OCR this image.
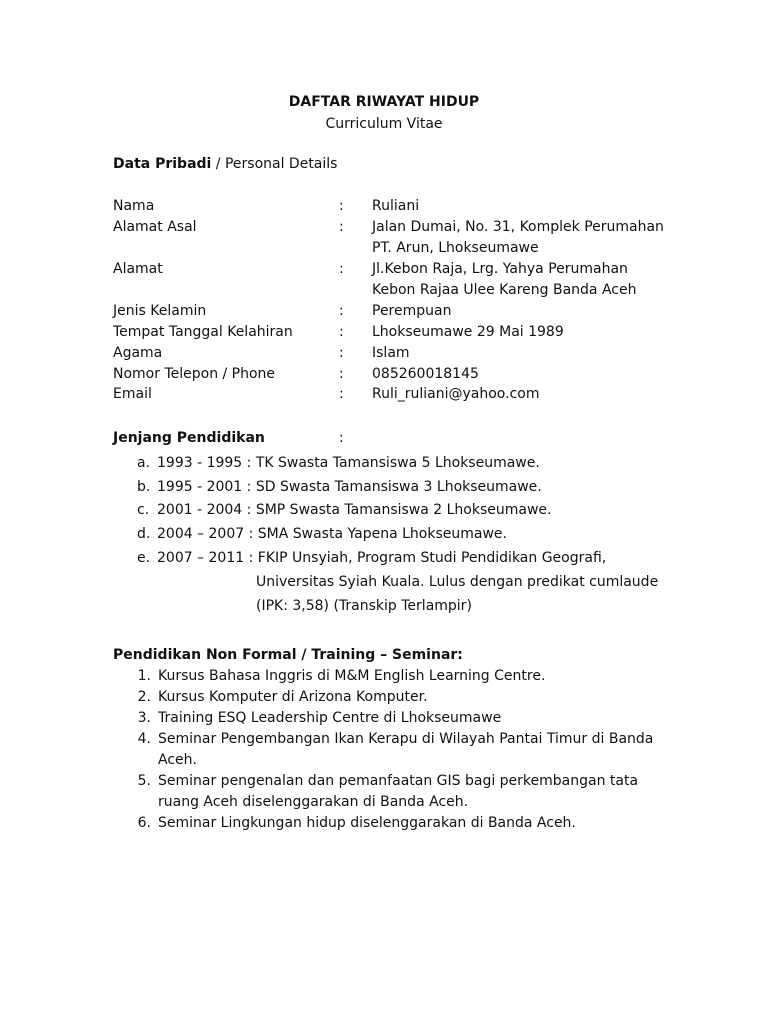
DAFTAR RIWAYAT HIDUP
Curriculum Vitae
Data Pribadi / Personal Details
Nama	: Ruliani
Alamat Asal	: Jalan Dumai, No. 31, Komplek Perumahan
PT. Arun, Lhokseumawe
Alamat	: Jl.Kebon Raja, Lrg. Yahya Perumahan
Kebon Rajaa Ulee Kareng Banda Aceh
Jenis Kelamin	: Perempuan
Tempat Tanggal Kelahiran	: Lhokseumawe 29 Mai 1989
Agama	: Islam
Nomor Telepon / Phone	: 085260018145
Email	: Ruli_ruliani@yahoo.com
Jenjang Pendidikan	:
a. 1993 - 1995 : TK Swasta Tamansiswa 5 Lhokseumawe.
b. 1995 - 2001 : SD Swasta Tamansiswa 3 Lhokseumawe.
c. 2001 - 2004 : SMP Swasta Tamansiswa 2 Lhokseumawe.
d. 2004 – 2007 : SMA Swasta Yapena Lhokseumawe.
e. 2007 – 2011 : FKIP Unsyiah, Program Studi Pendidikan Geografi,
Universitas Syiah Kuala. Lulus dengan predikat cumlaude
(IPK: 3,58) (Transkip Terlampir)
Pendidikan Non Formal / Training – Seminar:
1. Kursus Bahasa Inggris di M&M English Learning Centre.
2. Kursus Komputer di Arizona Komputer.
3. Training ESQ Leadership Centre di Lhokseumawe
4. Seminar Pengembangan Ikan Kerapu di Wilayah Pantai Timur di Banda
Aceh.
5. Seminar pengenalan dan pemanfaatan GIS bagi perkembangan tata
ruang Aceh diselenggarakan di Banda Aceh.
6. Seminar Lingkungan hidup diselenggarakan di Banda Aceh.
